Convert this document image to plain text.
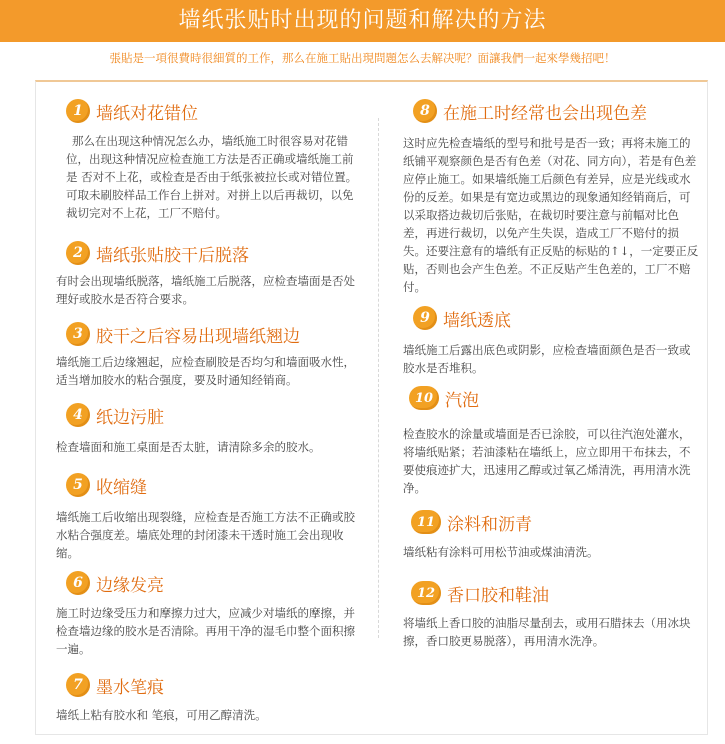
墙纸张贴时出现的问题和解决的方法
張貼是一項很費時很細質的工作，那么在施工貼出現問題怎么去解决呢？面讓我們一起來學幾招吧！
1 墙纸对花错位
那么在出现这种情况怎么办，墙纸施工时很容易对花错位，出现这种情况应检查施工方法是否正确或墙纸施工前是 否对不上花，或检查是否由于纸张被拉长或对错位置。可取未刷胶样品工作台上拼对。对拼上以后再裁切，以免裁切完对不上花，工厂不赔付。
2 墙纸张贴胶干后脱落
有时会出现墙纸脱落，墙纸施工后脱落，应检查墙面是否处理好或胶水是否符合要求。
3 胶干之后容易出现墙纸翘边
墙纸施工后边缘翘起，应检查刷胶是否均匀和墙面吸水性，适当增加胶水的粘合强度，要及时通知经销商。
4 纸边污脏
检查墙面和施工桌面是否太脏，请清除多余的胶水。
5 收缩缝
墙纸施工后收缩出现裂缝，应检查是否施工方法不正确或胶水粘合强度差。墙底处理的封闭漆未干透时施工会出现收缩。
6 边缘发亮
施工时边缘受压力和摩擦力过大，应减少对墙纸的摩擦，并检查墙边缘的胶水是否清除。再用干净的湿毛巾整个面积擦一遍。
7 墨水笔痕
墙纸上粘有胶水和 笔痕，可用乙醇清洗。
8 在施工时经常也会出现色差
这时应先检查墙纸的型号和批号是否一致；再将未施工的纸铺平观察颜色是否有色差（对花、同方向），若是有色差应停止施工。如果墙纸施工后颜色有差异，应是光线或水份的反差。如果是有宽边或黑边的现象通知经销商后，可以采取搭边裁切后张贴，在裁切时要注意与前幅对比色差，再进行裁切，以免产生失误，造成工厂不赔付的损失。还要注意有的墙纸有正反贴的标贴的↑↓，一定要正反贴，否则也会产生色差。不正反贴产生色差的，工厂不赔付。
9 墙纸透底
墙纸施工后露出底色或阴影，应检查墙面颜色是否一致或胶水是否堆积。
10 汽泡
检查胶水的涂量或墙面是否已涂胶，可以往汽泡处灌水，将墙纸贴紧；若油漆粘在墙纸上，应立即用干布抹去，不要使痕迹扩大，迅速用乙醇或过氧乙烯清洗，再用清水洗净。
11 涂料和沥青
墙纸粘有涂料可用松节油或煤油清洗。
12 香口胶和鞋油
将墙纸上香口胶的油脂尽量刮去，或用石腊抹去（用冰块擦，香口胶更易脱落），再用清水洗净。
